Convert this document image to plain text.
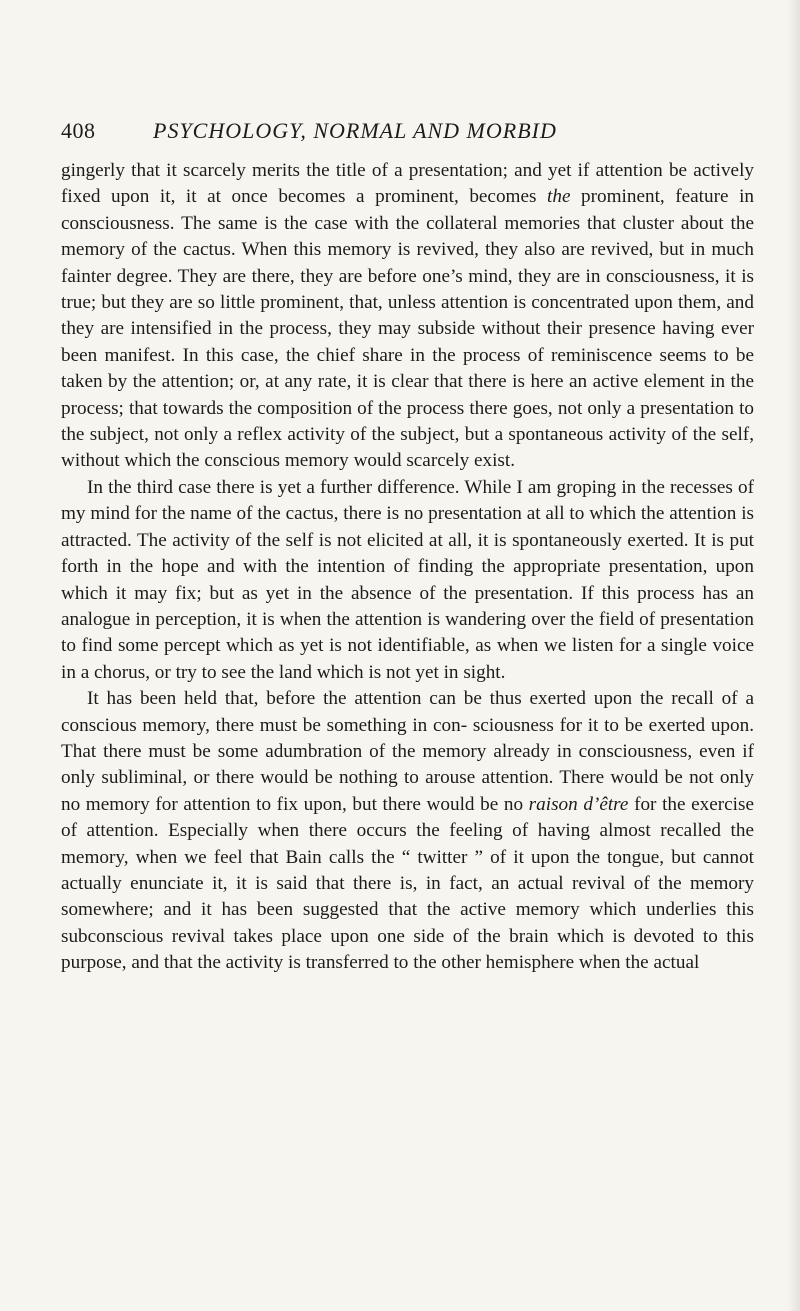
408	PSYCHOLOGY, NORMAL AND MORBID

gingerly that it scarcely merits the title of a presentation; and yet if attention be actively fixed upon it, it at once becomes a prominent, becomes the prominent, feature in consciousness. The same is the case with the collateral memories that cluster about the memory of the cactus. When this memory is revived, they also are revived, but in much fainter degree. They are there, they are before one’s mind, they are in consciousness, it is true; but they are so little prominent, that, unless attention is concentrated upon them, and they are intensified in the process, they may subside without their presence having ever been manifest. In this case, the chief share in the process of reminiscence seems to be taken by the attention; or, at any rate, it is clear that there is here an active element in the process; that towards the composition of the process there goes, not only a presentation to the subject, not only a reflex activity of the subject, but a spontaneous activity of the self, without which the conscious memory would scarcely exist.

In the third case there is yet a further difference. While I am groping in the recesses of my mind for the name of the cactus, there is no presentation at all to which the attention is attracted. The activity of the self is not elicited at all, it is spontaneously exerted. It is put forth in the hope and with the intention of finding the appropriate presentation, upon which it may fix; but as yet in the absence of the presentation. If this process has an analogue in perception, it is when the attention is wandering over the field of presentation to find some percept which as yet is not identifiable, as when we listen for a single voice in a chorus, or try to see the land which is not yet in sight.

It has been held that, before the attention can be thus exerted upon the recall of a conscious memory, there must be something in con- sciousness for it to be exerted upon. That there must be some adumbration of the memory already in consciousness, even if only subliminal, or there would be nothing to arouse attention. There would be not only no memory for attention to fix upon, but there would be no raison d’être for the exercise of attention. Especially when there occurs the feeling of having almost recalled the memory, when we feel that Bain calls the “ twitter ” of it upon the tongue, but cannot actually enunciate it, it is said that there is, in fact, an actual revival of the memory somewhere; and it has been suggested that the active memory which underlies this subconscious revival takes place upon one side of the brain which is devoted to this purpose, and that the activity is transferred to the other hemisphere when the actual
